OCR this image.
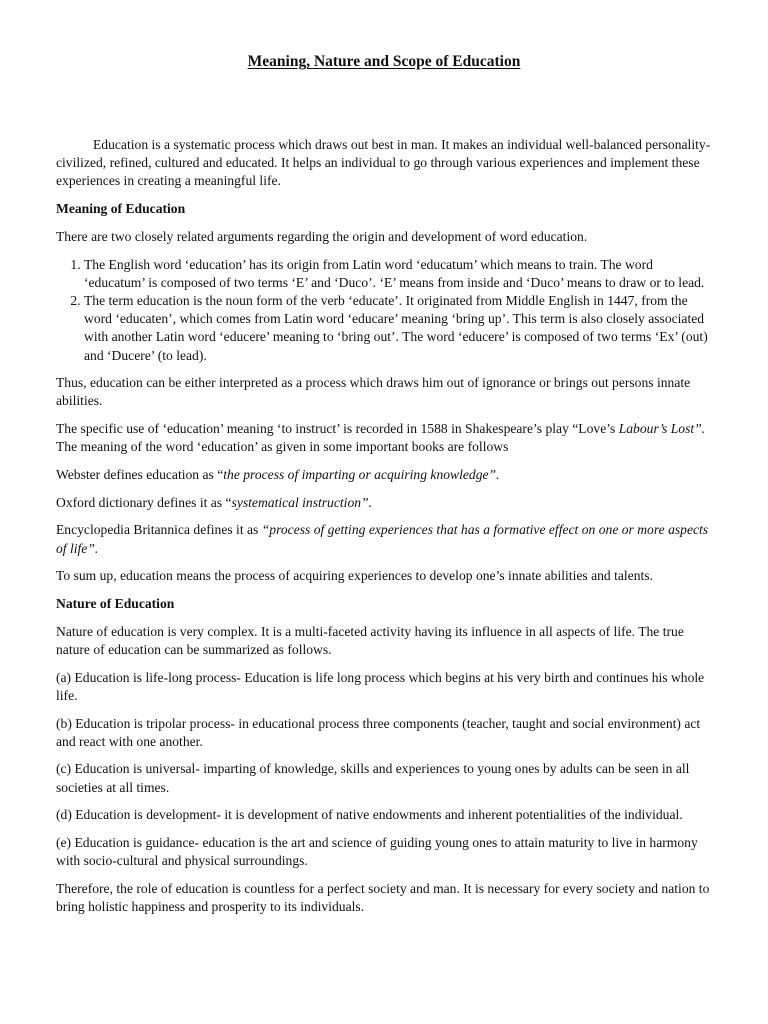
Meaning, Nature and Scope of Education

Education is a systematic process which draws out best in man. It makes an individual well-balanced personality- civilized, refined, cultured and educated. It helps an individual to go through various experiences and implement these experiences in creating a meaningful life.

Meaning of Education

There are two closely related arguments regarding the origin and development of word education.

1. The English word ‘education’ has its origin from Latin word ‘educatum’ which means to train. The word ‘educatum’ is composed of two terms ‘E’ and ‘Duco’. ‘E’ means from inside and ‘Duco’ means to draw or to lead.
2. The term education is the noun form of the verb ‘educate’. It originated from Middle English in 1447, from the word ‘educaten’, which comes from Latin word ‘educare’ meaning ‘bring up’. This term is also closely associated with another Latin word ‘educere’ meaning to ‘bring out’. The word ‘educere’ is composed of two terms ‘Ex’ (out) and ‘Ducere’ (to lead).

Thus, education can be either interpreted as a process which draws him out of ignorance or brings out persons innate abilities.

The specific use of ‘education’ meaning ‘to instruct’ is recorded in 1588 in Shakespeare’s play “Love’s Labour’s Lost”. The meaning of the word ‘education’ as given in some important books are follows

Webster defines education as “the process of imparting or acquiring knowledge”.

Oxford dictionary defines it as “systematical instruction”.

Encyclopedia Britannica defines it as “process of getting experiences that has a formative effect on one or more aspects of life”.

To sum up, education means the process of acquiring experiences to develop one’s innate abilities and talents.

Nature of Education

Nature of education is very complex. It is a multi-faceted activity having its influence in all aspects of life. The true nature of education can be summarized as follows.

(a) Education is life-long process- Education is life long process which begins at his very birth and continues his whole life.

(b) Education is tripolar process- in educational process three components (teacher, taught and social environment) act and react with one another.

(c) Education is universal- imparting of knowledge, skills and experiences to young ones by adults can be seen in all societies at all times.

(d) Education is development- it is development of native endowments and inherent potentialities of the individual.

(e) Education is guidance- education is the art and science of guiding young ones to attain maturity to live in harmony with socio-cultural and physical surroundings.

Therefore, the role of education is countless for a perfect society and man. It is necessary for every society and nation to bring holistic happiness and prosperity to its individuals.
